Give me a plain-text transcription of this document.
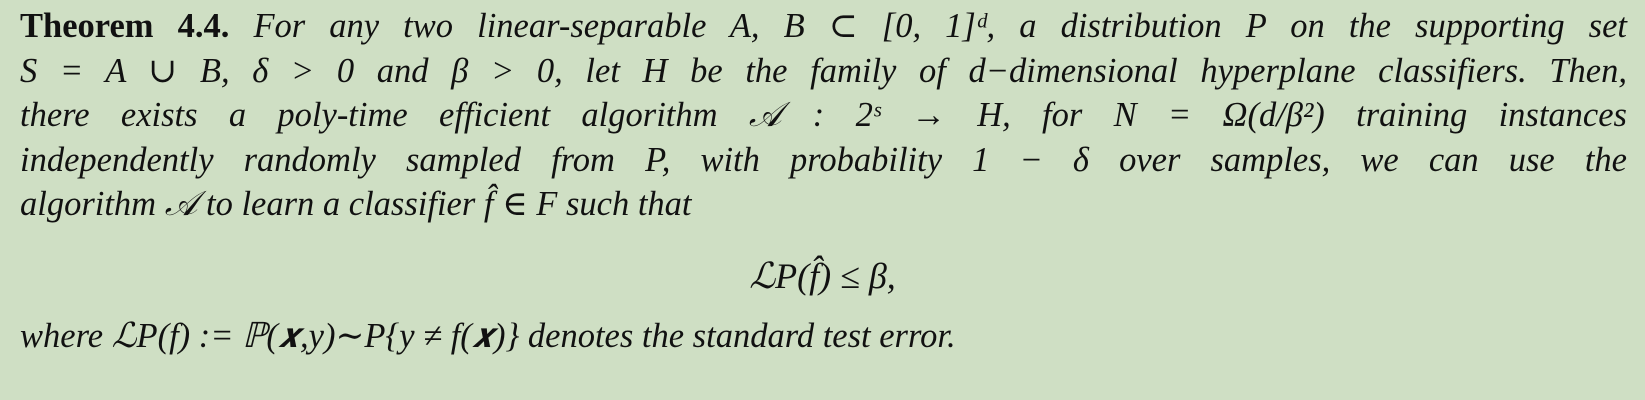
Theorem 4.4. For any two linear-separable A, B ⊂ [0, 1]ᵈ, a distribution P on the supporting set
S = A ∪ B, δ > 0 and β > 0, let H be the family of d−dimensional hyperplane classifiers. Then,
there exists a poly-time efficient algorithm 𝒜 : 2ˢ → H, for N = Ω(d/β²) training instances
independently randomly sampled from P, with probability 1 − δ over samples, we can use the
algorithm 𝒜 to learn a classifier f̂ ∈ F such that

ℒP(f̂) ≤ β,
where ℒP(f) := ℙ(𝒙,y)∼P{y ≠ f(𝒙)} denotes the standard test error.
